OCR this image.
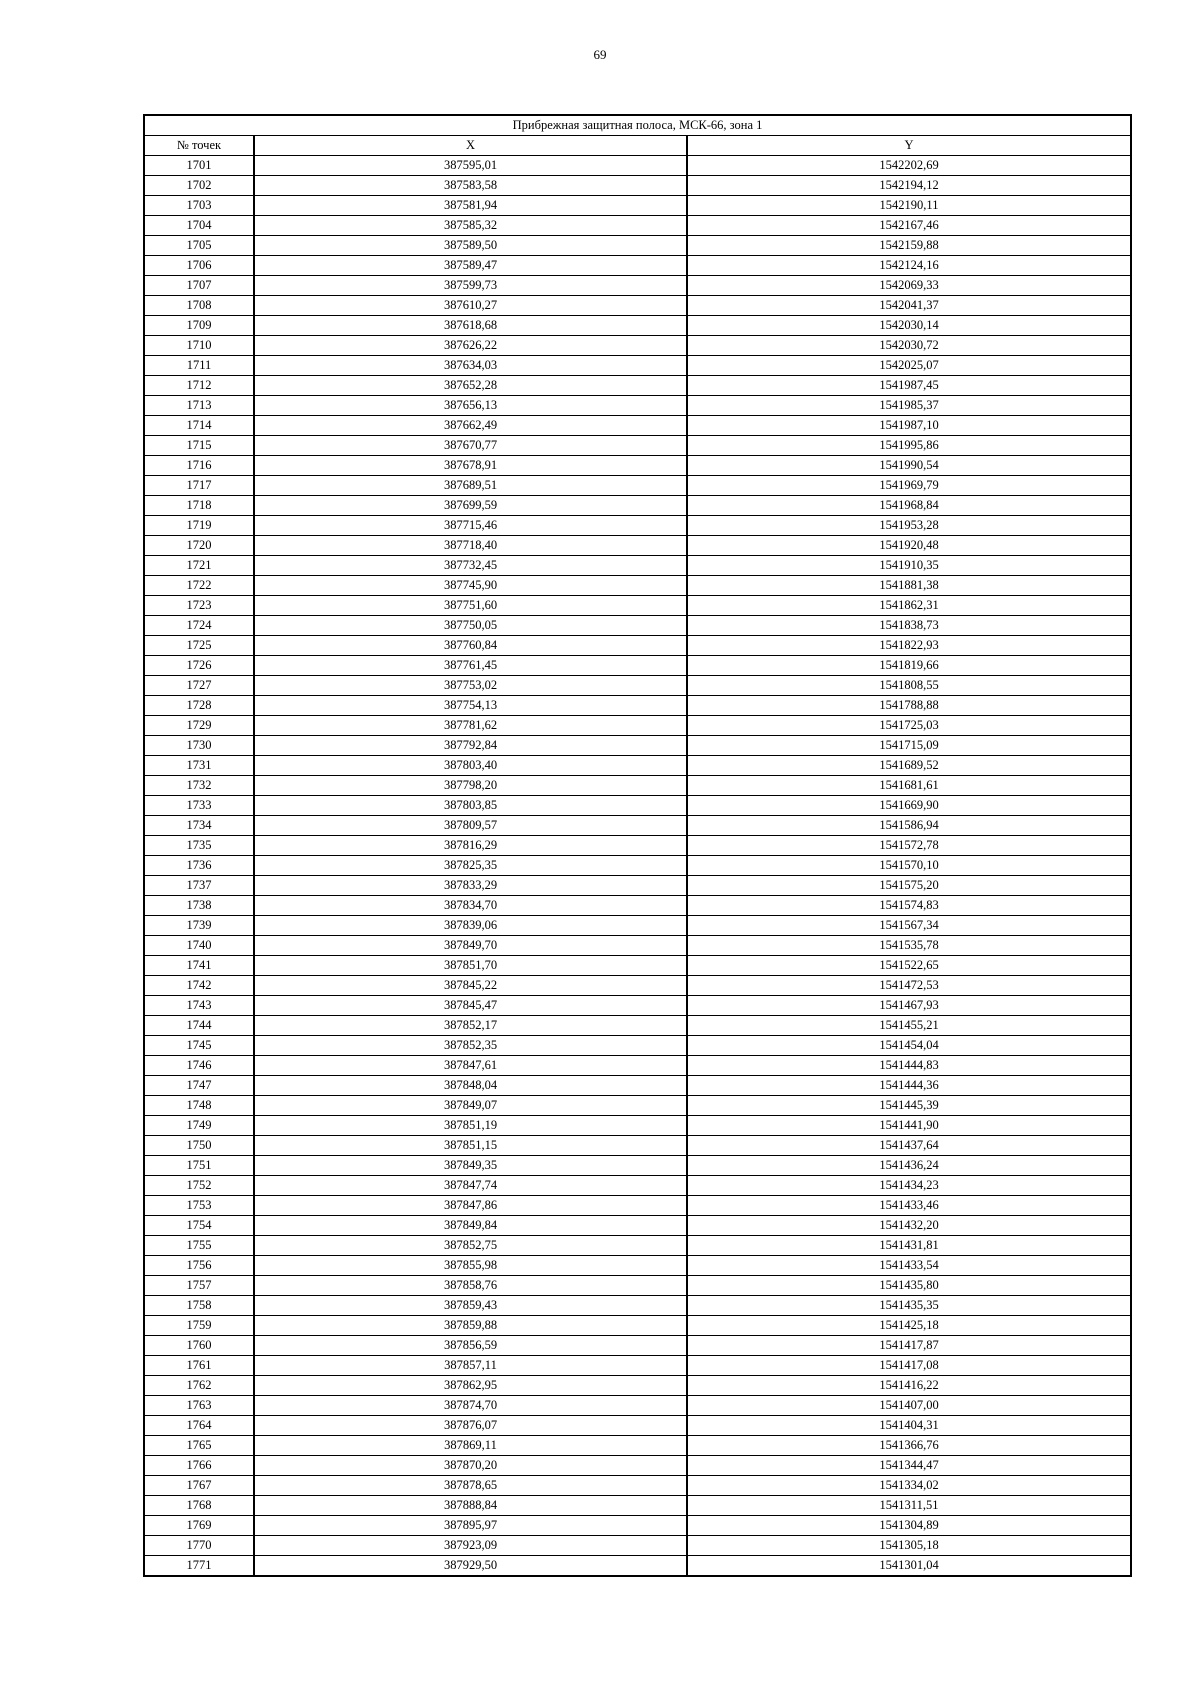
69
Прибрежная защитная полоса, МСК-66, зона 1		
№ точек	X	Y
1701	387595,01	1542202,69
1702	387583,58	1542194,12
1703	387581,94	1542190,11
1704	387585,32	1542167,46
1705	387589,50	1542159,88
1706	387589,47	1542124,16
1707	387599,73	1542069,33
1708	387610,27	1542041,37
1709	387618,68	1542030,14
1710	387626,22	1542030,72
1711	387634,03	1542025,07
1712	387652,28	1541987,45
1713	387656,13	1541985,37
1714	387662,49	1541987,10
1715	387670,77	1541995,86
1716	387678,91	1541990,54
1717	387689,51	1541969,79
1718	387699,59	1541968,84
1719	387715,46	1541953,28
1720	387718,40	1541920,48
1721	387732,45	1541910,35
1722	387745,90	1541881,38
1723	387751,60	1541862,31
1724	387750,05	1541838,73
1725	387760,84	1541822,93
1726	387761,45	1541819,66
1727	387753,02	1541808,55
1728	387754,13	1541788,88
1729	387781,62	1541725,03
1730	387792,84	1541715,09
1731	387803,40	1541689,52
1732	387798,20	1541681,61
1733	387803,85	1541669,90
1734	387809,57	1541586,94
1735	387816,29	1541572,78
1736	387825,35	1541570,10
1737	387833,29	1541575,20
1738	387834,70	1541574,83
1739	387839,06	1541567,34
1740	387849,70	1541535,78
1741	387851,70	1541522,65
1742	387845,22	1541472,53
1743	387845,47	1541467,93
1744	387852,17	1541455,21
1745	387852,35	1541454,04
1746	387847,61	1541444,83
1747	387848,04	1541444,36
1748	387849,07	1541445,39
1749	387851,19	1541441,90
1750	387851,15	1541437,64
1751	387849,35	1541436,24
1752	387847,74	1541434,23
1753	387847,86	1541433,46
1754	387849,84	1541432,20
1755	387852,75	1541431,81
1756	387855,98	1541433,54
1757	387858,76	1541435,80
1758	387859,43	1541435,35
1759	387859,88	1541425,18
1760	387856,59	1541417,87
1761	387857,11	1541417,08
1762	387862,95	1541416,22
1763	387874,70	1541407,00
1764	387876,07	1541404,31
1765	387869,11	1541366,76
1766	387870,20	1541344,47
1767	387878,65	1541334,02
1768	387888,84	1541311,51
1769	387895,97	1541304,89
1770	387923,09	1541305,18
1771	387929,50	1541301,04
